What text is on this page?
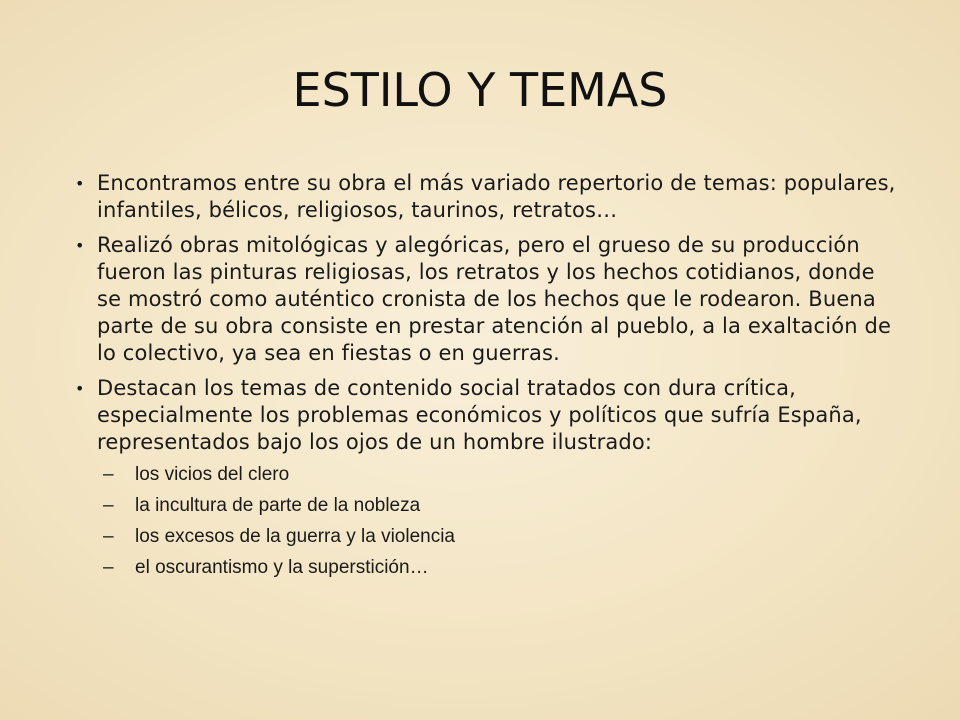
ESTILO Y TEMAS
• Encontramos entre su obra el más variado repertorio de temas: populares, infantiles, bélicos, religiosos, taurinos, retratos…
• Realizó obras mitológicas y alegóricas, pero el grueso de su producción fueron las pinturas religiosas, los retratos y los hechos cotidianos, donde se mostró como auténtico cronista de los hechos que le rodearon. Buena parte de su obra consiste en prestar atención al pueblo, a la exaltación de lo colectivo, ya sea en fiestas o en guerras.
• Destacan los temas de contenido social tratados con dura crítica, especialmente los problemas económicos y políticos que sufría España, representados bajo los ojos de un hombre ilustrado:
– los vicios del clero
– la incultura de parte de la nobleza
– los excesos de la guerra y la violencia
– el oscurantismo y la superstición…
